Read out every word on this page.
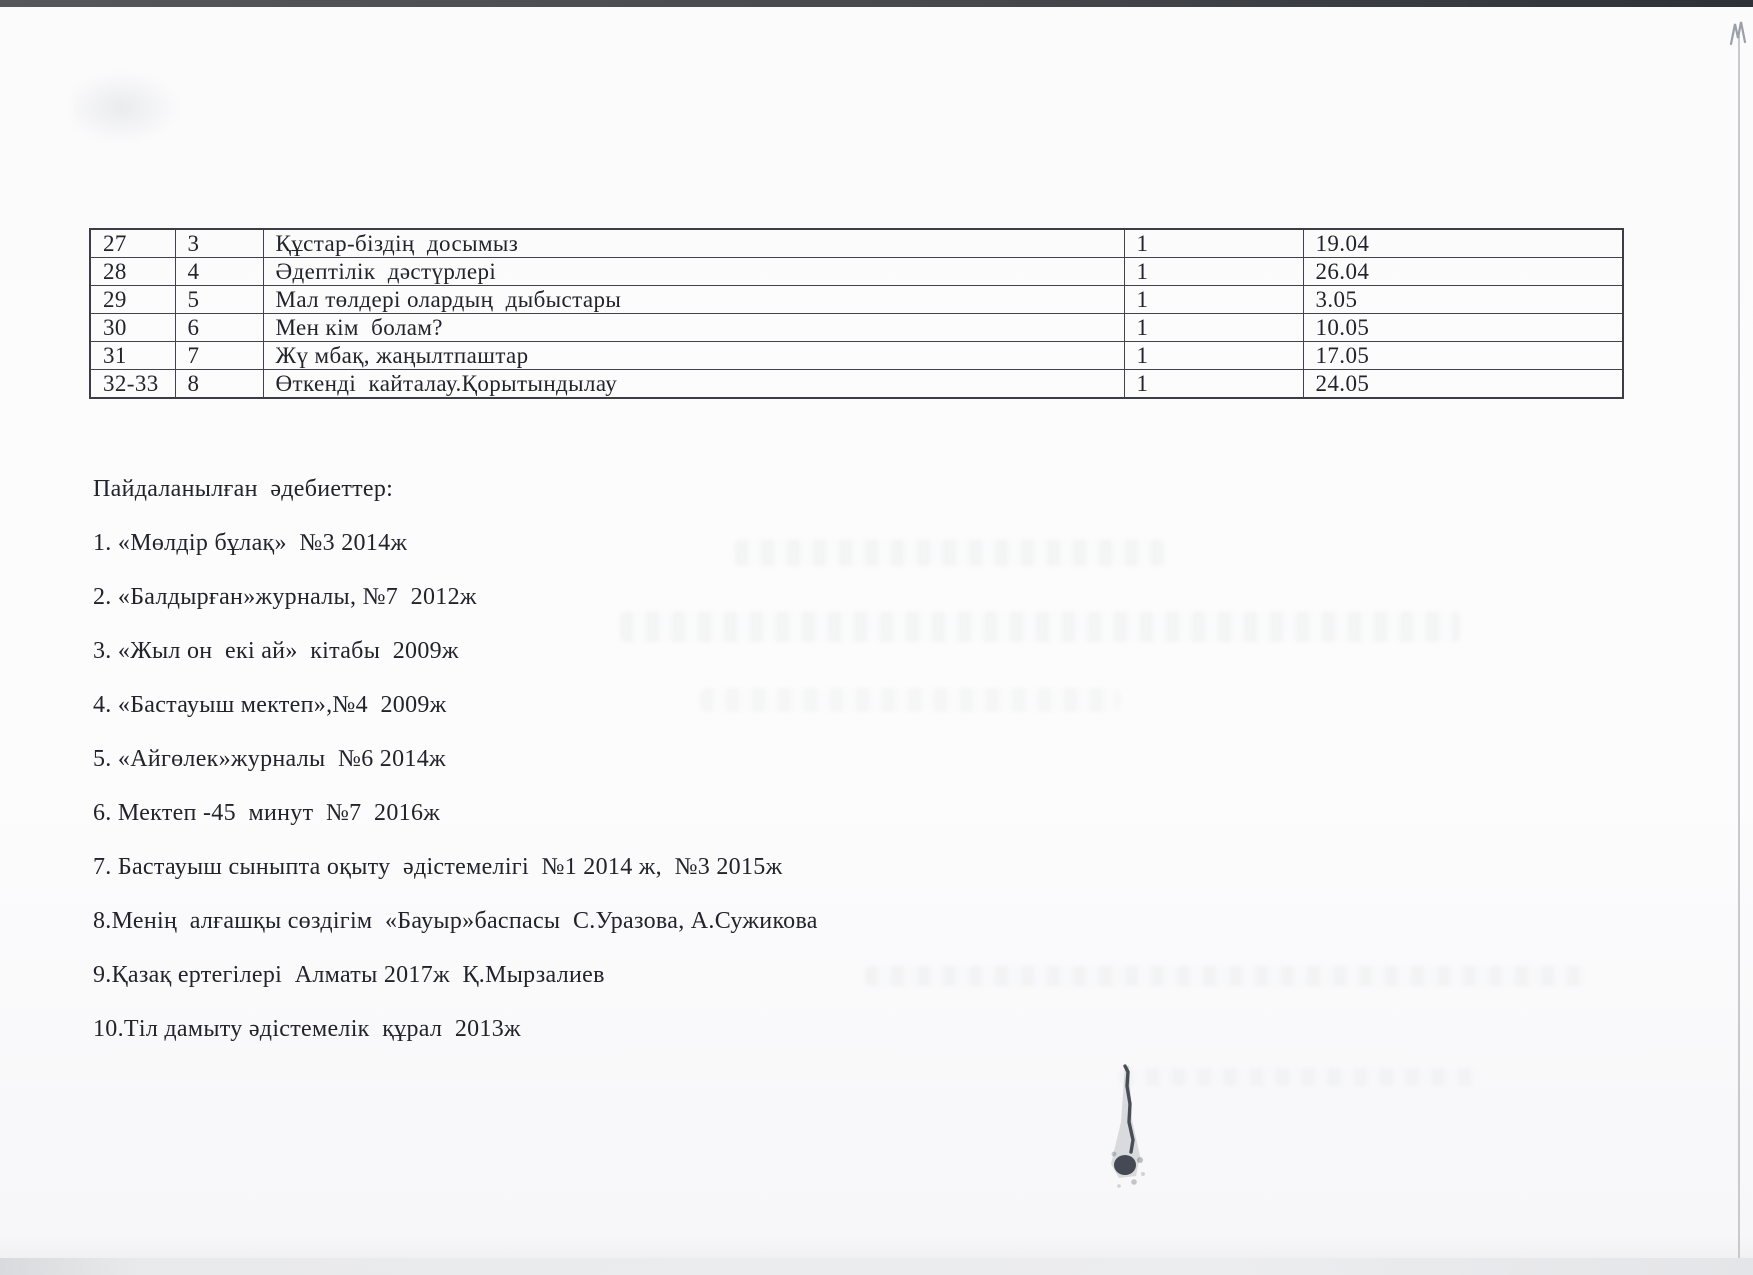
27	3	Құстар-біздің  досымыз	1	19.04
28	4	Әдептілік  дәстүрлері	1	26.04
29	5	Мал төлдері олардың  дыбыстары	1	3.05
30	6	Мен кім  болам?	1	10.05
31	7	Жү мбақ, жаңылтпаштар	1	17.05
32-33	8	Өткенді  кайталау.Қорытындылау	1	24.05
Пайдаланылған  әдебиеттер:
1. «Мөлдір бұлақ»  №3 2014ж
2. «Балдырған»журналы, №7  2012ж
3. «Жыл он  екі ай»  кітабы  2009ж
4. «Бастауыш мектеп»,№4  2009ж
5. «Айгөлек»журналы  №6 2014ж
6. Мектеп -45  минут  №7  2016ж
7. Бастауыш сыныпта оқыту  әдістемелігі  №1 2014 ж,  №3 2015ж
8.Менің  алғашқы сөздігім  «Бауыр»баспасы  С.Уразова, А.Сужикова
9.Қазақ ертегілері  Алматы 2017ж  Қ.Мырзалиев
10.Тіл дамыту әдістемелік  құрал  2013ж
